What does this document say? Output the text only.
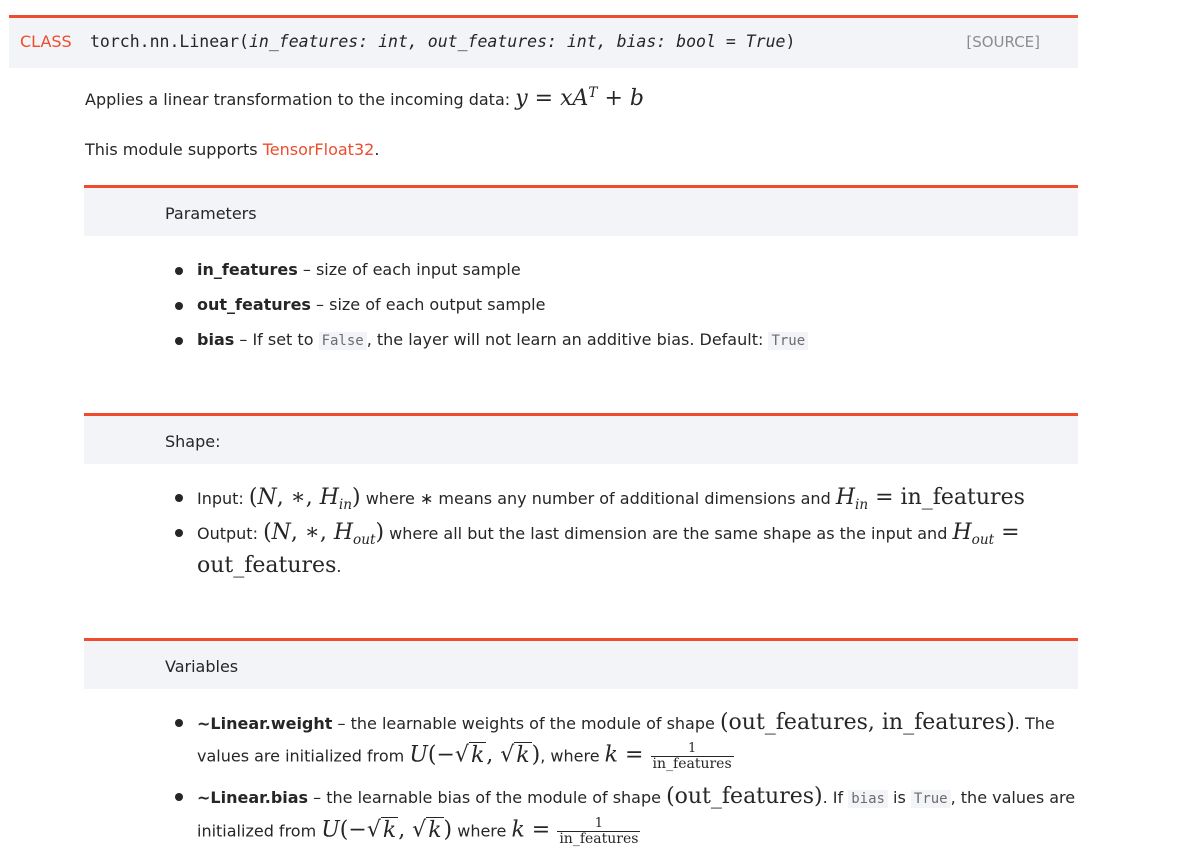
CLASS torch.nn.Linear(in_features: int, out_features: int, bias: bool = True)	[SOURCE]
Applies a linear transformation to the incoming data: $y = xA^T + b$
This module supports TensorFloat32.
Parameters
in_features – size of each input sample
out_features – size of each output sample
bias – If set to False , the layer will not learn an additive bias. Default: True
Shape:
Input: (N, ∗, $H_{in}$) where ∗ means any number of additional dimensions and $H_{in}$ = in_features
Output: (N, ∗, $H_{out}$) where all but the last dimension are the same shape as the input and $H_{out}$ =
out_features.
Variables
~Linear.weight – the learnable weights of the module of shape (out_features, in_features). The
values are initialized from U(−√k, √k), where $k = \frac{1}{\text{in\_features}}$
~Linear.bias – the learnable bias of the module of shape (out_features). If bias is True , the values are
initialized from U(−√k, √k) where $k = \frac{1}{\text{in\_features}}$
